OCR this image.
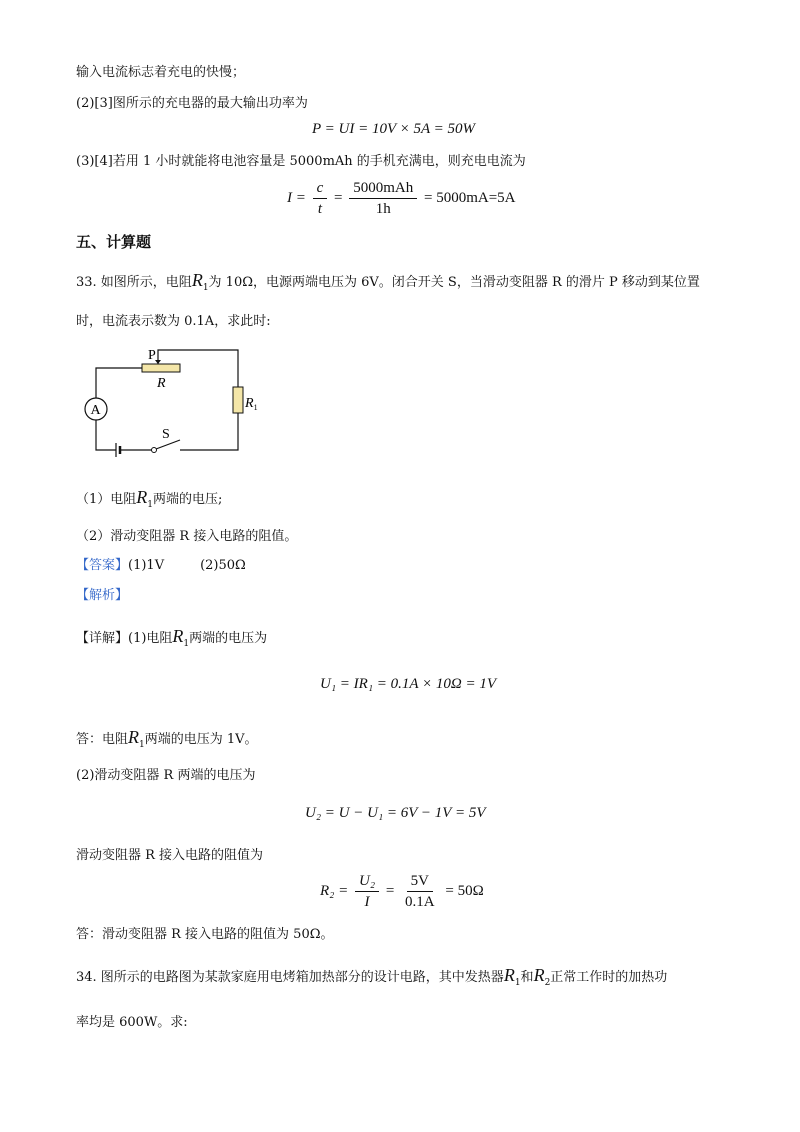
输入电流标志着充电的快慢；
(2)[3]图所示的充电器的最大输出功率为
P = UI = 10V × 5A = 50W
(3)[4]若用 1 小时就能将电池容量是 5000mAh 的手机充满电，则充电电流为
$I = \frac{c}{t} = \frac{\text{5000mAh}}{1h} = 5000mA=5A$
五、计算题
33. 如图所示，电阻$R_1$为 10Ω，电源两端电压为 6V。闭合开关 S，当滑动变阻器 R 的滑片 P 移动到某位置
时，电流表示数为 0.1A，求此时:
P
R
$R_1$
A
S
（1）电阻$R_1$两端的电压;
（2）滑动变阻器 R 接入电路的阻值。
【答案】(1)1V	(2)50Ω
【解析】
【详解】(1)电阻$R_1$两端的电压为
U₁ = IR₁ = 0.1A × 10Ω = 1V
答：电阻$R_1$两端的电压为 1V。
(2)滑动变阻器 R 两端的电压为
U₂ = U − U₁ = 6V − 1V = 5V
滑动变阻器 R 接入电路的阻值为
$R_2 = \frac{\text{U₂}}{I} = \frac{5V}{0.1A} = 50\Omega$
答：滑动变阻器 R 接入电路的阻值为 50Ω。
34. 图所示的电路图为某款家庭用电烤箱加热部分的设计电路，其中发热器$R_1$和$R_2$正常工作时的加热功
率均是 600W。求:
